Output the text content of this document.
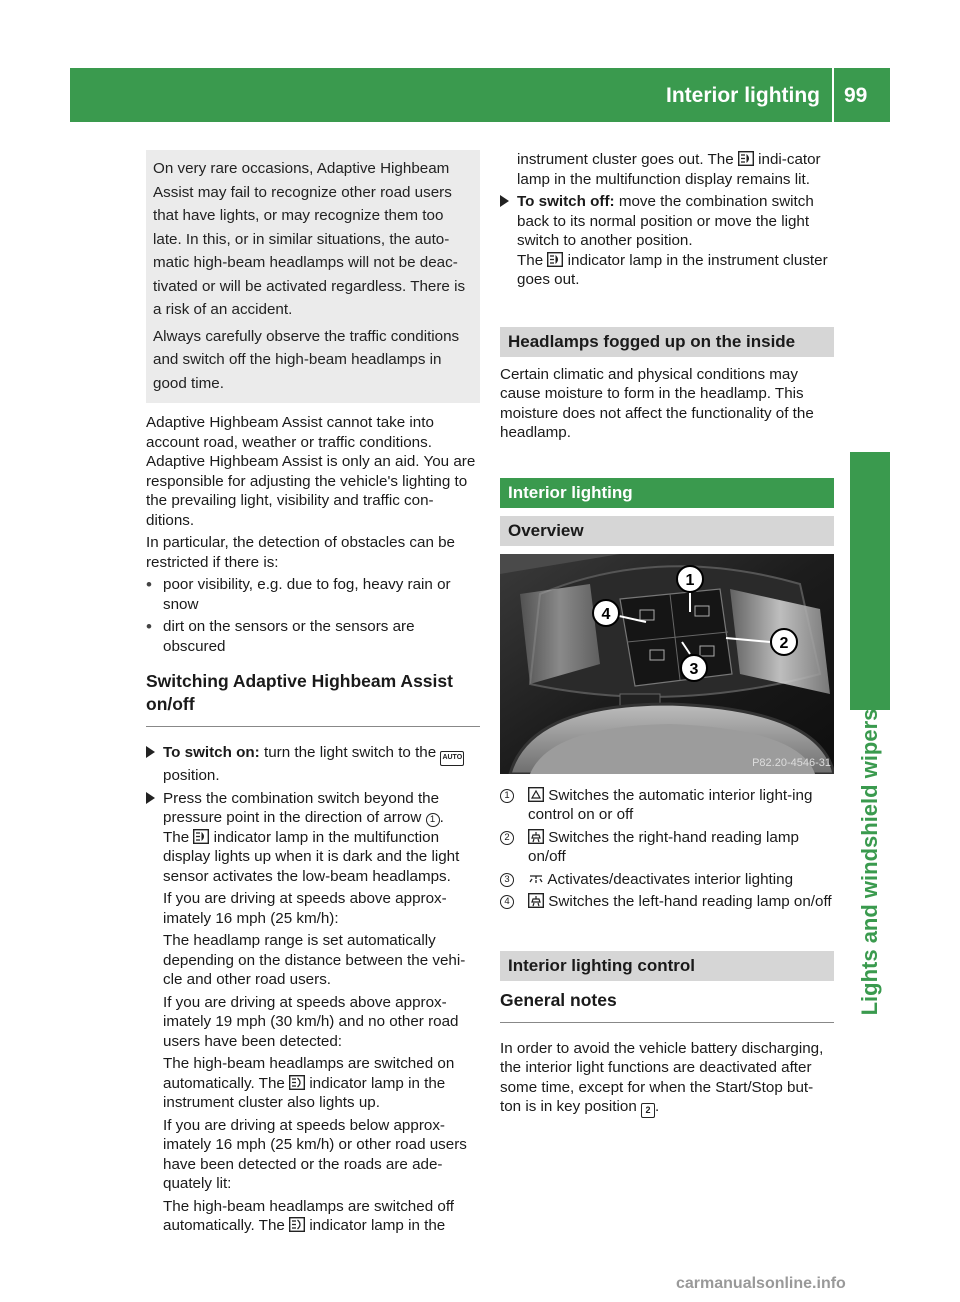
Interior lighting 99
Lights and windshield wipers

On very rare occasions, Adaptive Highbeam Assist may fail to recognize other road users that have lights, or may recognize them too late. In this, or in similar situations, the auto-matic high-beam headlamps will not be deac-tivated or will be activated regardless. There is a risk of an accident.

Always carefully observe the traffic conditions and switch off the high-beam headlamps in good time.

Adaptive Highbeam Assist cannot take into account road, weather or traffic conditions. Adaptive Highbeam Assist is only an aid. You are responsible for adjusting the vehicle's lighting to the prevailing light, visibility and traffic con-ditions.

In particular, the detection of obstacles can be restricted if there is:

• poor visibility, e.g. due to fog, heavy rain or snow
• dirt on the sensors or the sensors are obscured
Switching Adaptive Highbeam Assist on/off

To switch on: turn the light switch to the AUTO position.

Press the combination switch beyond the pressure point in the direction of arrow 1 .
The indicator lamp in the multifunction display lights up when it is dark and the light sensor activates the low-beam headlamps.

If you are driving at speeds above approx-imately 16 mph (25 km/h):

The headlamp range is set automatically depending on the distance between the vehi-cle and other road users.

If you are driving at speeds above approx-imately 19 mph (30 km/h) and no other road users have been detected:

The high-beam headlamps are switched on automatically. The indicator lamp in the instrument cluster also lights up.

If you are driving at speeds below approx-imately 16 mph (25 km/h) or other road users have been detected or the roads are ade-quately lit:

The high-beam headlamps are switched off automatically. The indicator lamp in the

instrument cluster goes out. The indi-cator lamp in the multifunction display remains lit.

To switch off: move the combination switch back to its normal position or move the light switch to another position.
The indicator lamp in the instrument cluster goes out.

Headlamps fogged up on the inside

Certain climatic and physical conditions may cause moisture to form in the headlamp. This moisture does not affect the functionality of the headlamp.

Interior lighting
Overview
1
2
3
4
P82.20-4546-31
1	Switches the automatic interior light-ing control on or off
2	Switches the right-hand reading lamp on/off
3 Activates/deactivates interior lighting
4	Switches the left-hand reading lamp on/off
Interior lighting control
General notes

In order to avoid the vehicle battery discharging, the interior light functions are deactivated after some time, except for when the Start/Stop but-ton is in key position 2 .

carmanualsonline.info
